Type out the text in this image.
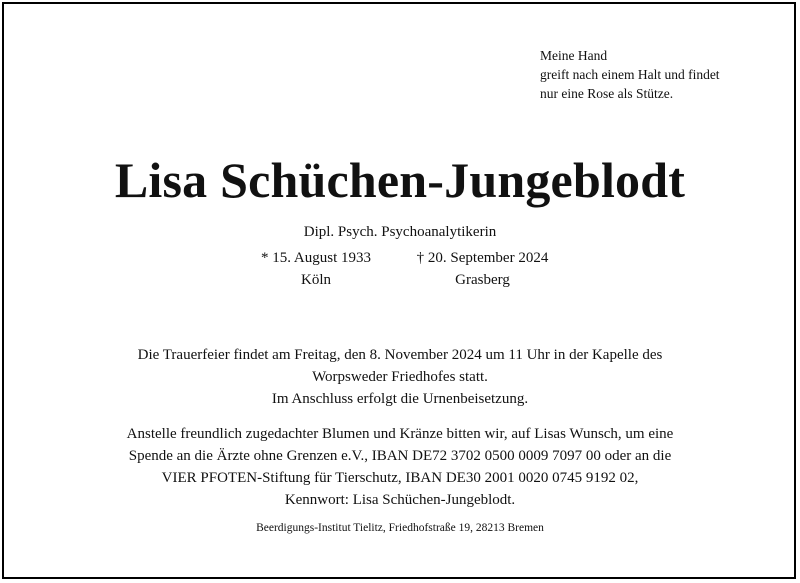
Meine Hand
greift nach einem Halt und findet
nur eine Rose als Stütze.
Lisa Schüchen-Jungeblodt
Dipl. Psych. Psychoanalytikerin
* 15. August 1933
Köln
† 20. September 2024
Grasberg
Die Trauerfeier findet am Freitag, den 8. November 2024 um 11 Uhr in der Kapelle des
Worpsweder Friedhofes statt.
Im Anschluss erfolgt die Urnenbeisetzung.
Anstelle freundlich zugedachter Blumen und Kränze bitten wir, auf Lisas Wunsch, um eine
Spende an die Ärzte ohne Grenzen e.V., IBAN DE72 3702 0500 0009 7097 00 oder an die
VIER PFOTEN-Stiftung für Tierschutz, IBAN DE30 2001 0020 0745 9192 02,
Kennwort: Lisa Schüchen-Jungeblodt.
Beerdigungs-Institut Tielitz, Friedhofstraße 19, 28213 Bremen
